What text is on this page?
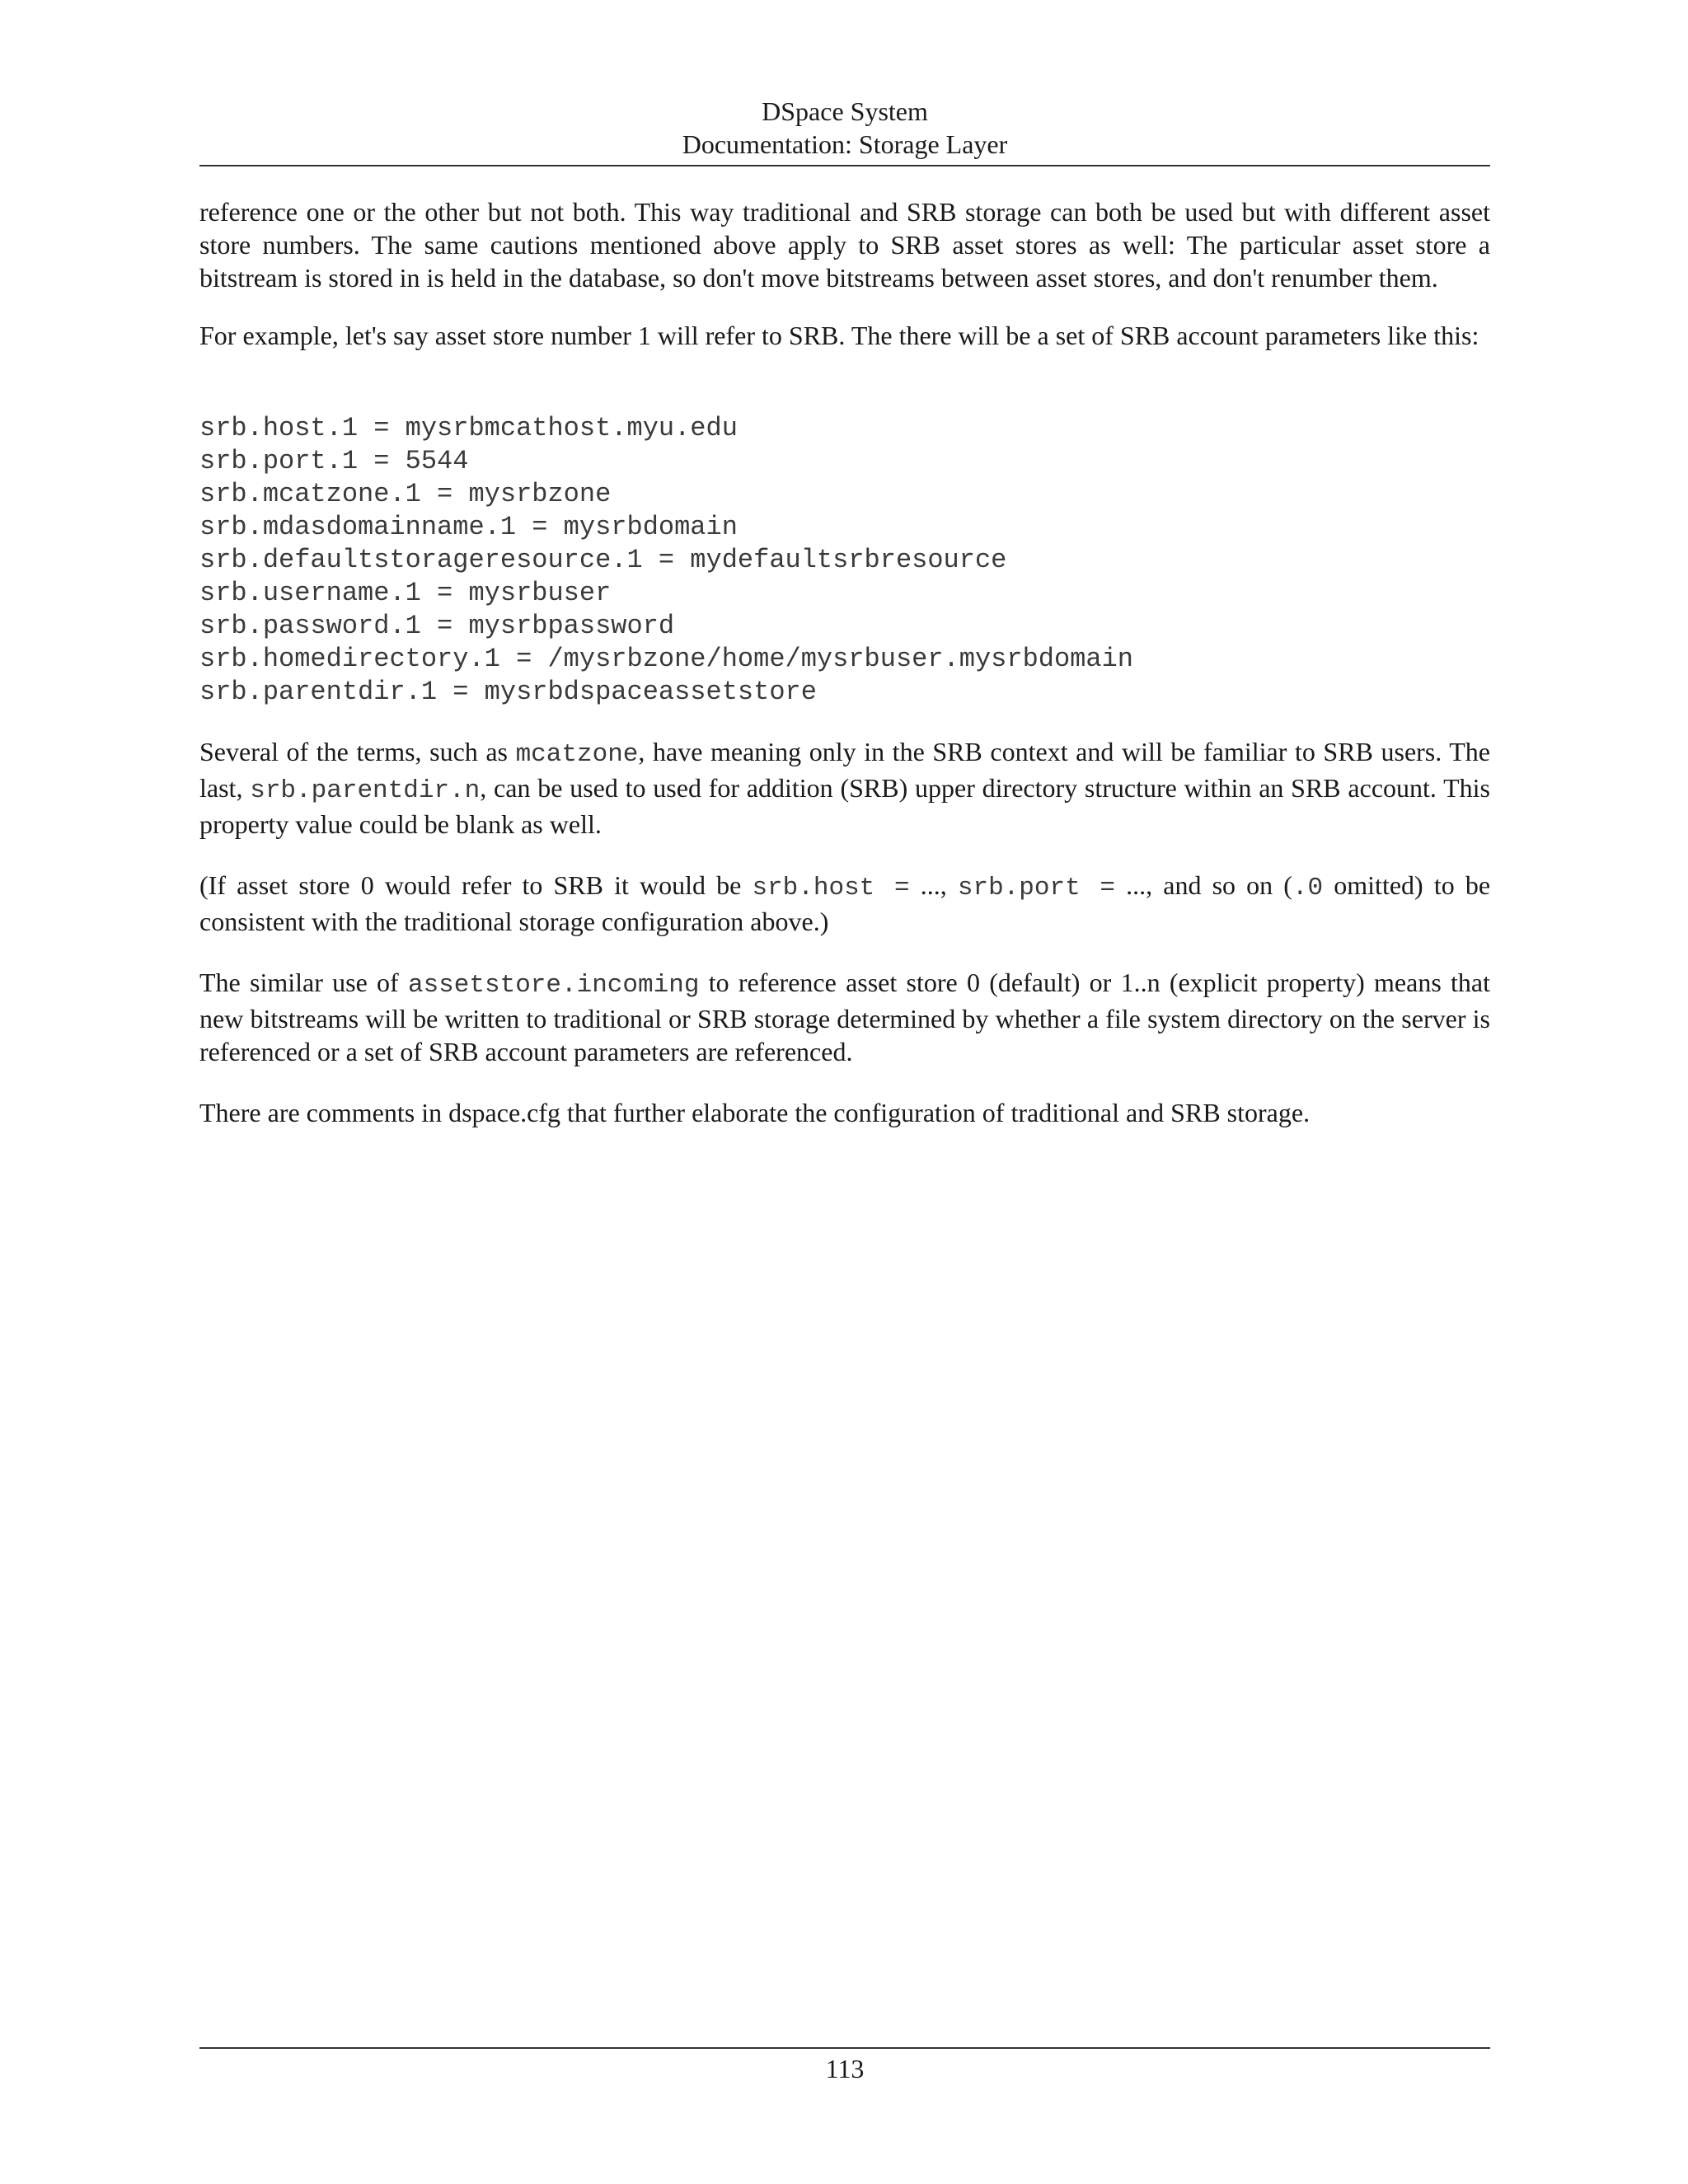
DSpace System
Documentation: Storage Layer

reference one or the other but not both. This way traditional and SRB storage can both be used but with different asset store numbers. The same cautions mentioned above apply to SRB asset stores as well: The particular asset store a bitstream is stored in is held in the database, so don't move bitstreams between asset stores, and don't renumber them.

For example, let's say asset store number 1 will refer to SRB. The there will be a set of SRB account parameters like this:

srb.host.1 = mysrbmcathost.myu.edu
srb.port.1 = 5544
srb.mcatzone.1 = mysrbzone
srb.mdasdomainname.1 = mysrbdomain
srb.defaultstorageresource.1 = mydefaultsrbresource
srb.username.1 = mysrbuser
srb.password.1 = mysrbpassword
srb.homedirectory.1 = /mysrbzone/home/mysrbuser.mysrbdomain
srb.parentdir.1 = mysrbdspaceassetstore

Several of the terms, such as mcatzone, have meaning only in the SRB context and will be familiar to SRB users. The last, srb.parentdir.n, can be used to used for addition (SRB) upper directory structure within an SRB account. This property value could be blank as well.

(If asset store 0 would refer to SRB it would be srb.host = ..., srb.port = ..., and so on (.0 omitted) to be consistent with the traditional storage configuration above.)

The similar use of assetstore.incoming to reference asset store 0 (default) or 1..n (explicit property) means that new bitstreams will be written to traditional or SRB storage determined by whether a file system directory on the server is referenced or a set of SRB account parameters are referenced.

There are comments in dspace.cfg that further elaborate the configuration of traditional and SRB storage.

113
